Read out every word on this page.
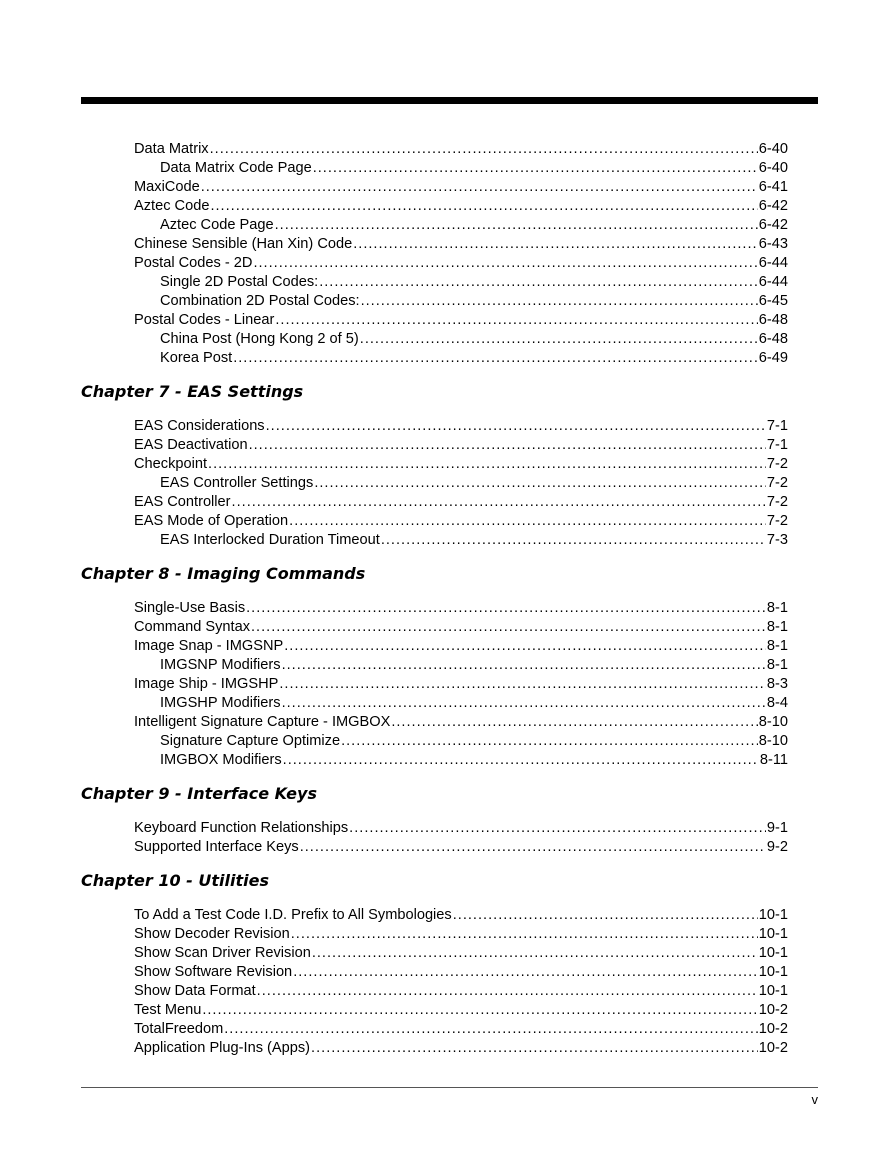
Data Matrix .....	6-40
Data Matrix Code Page .....	6-40
MaxiCode .....	6-41
Aztec Code .....	6-42
Aztec Code Page .....	6-42
Chinese Sensible (Han Xin) Code .....	6-43
Postal Codes - 2D .....	6-44
Single 2D Postal Codes: .....	6-44
Combination 2D Postal Codes: .....	6-45
Postal Codes - Linear .....	6-48
China Post (Hong Kong 2 of 5) .....	6-48
Korea Post .....	6-49
Chapter 7 - EAS Settings
EAS Considerations .....	7-1
EAS Deactivation .....	7-1
Checkpoint .....	7-2
EAS Controller Settings .....	7-2
EAS Controller .....	7-2
EAS Mode of Operation .....	7-2
EAS Interlocked Duration Timeout .....	7-3
Chapter 8 - Imaging Commands
Single-Use Basis .....	8-1
Command Syntax .....	8-1
Image Snap - IMGSNP .....	8-1
IMGSNP Modifiers .....	8-1
Image Ship - IMGSHP .....	8-3
IMGSHP Modifiers .....	8-4
Intelligent Signature Capture - IMGBOX .....	8-10
Signature Capture Optimize .....	8-10
IMGBOX Modifiers .....	8-11
Chapter 9 - Interface Keys
Keyboard Function Relationships .....	9-1
Supported Interface Keys .....	9-2
Chapter 10 - Utilities
To Add a Test Code I.D. Prefix to All Symbologies .....	10-1
Show Decoder Revision .....	10-1
Show Scan Driver Revision .....	10-1
Show Software Revision .....	10-1
Show Data Format .....	10-1
Test Menu .....	10-2
TotalFreedom .....	10-2
Application Plug-Ins (Apps) .....	10-2
v
